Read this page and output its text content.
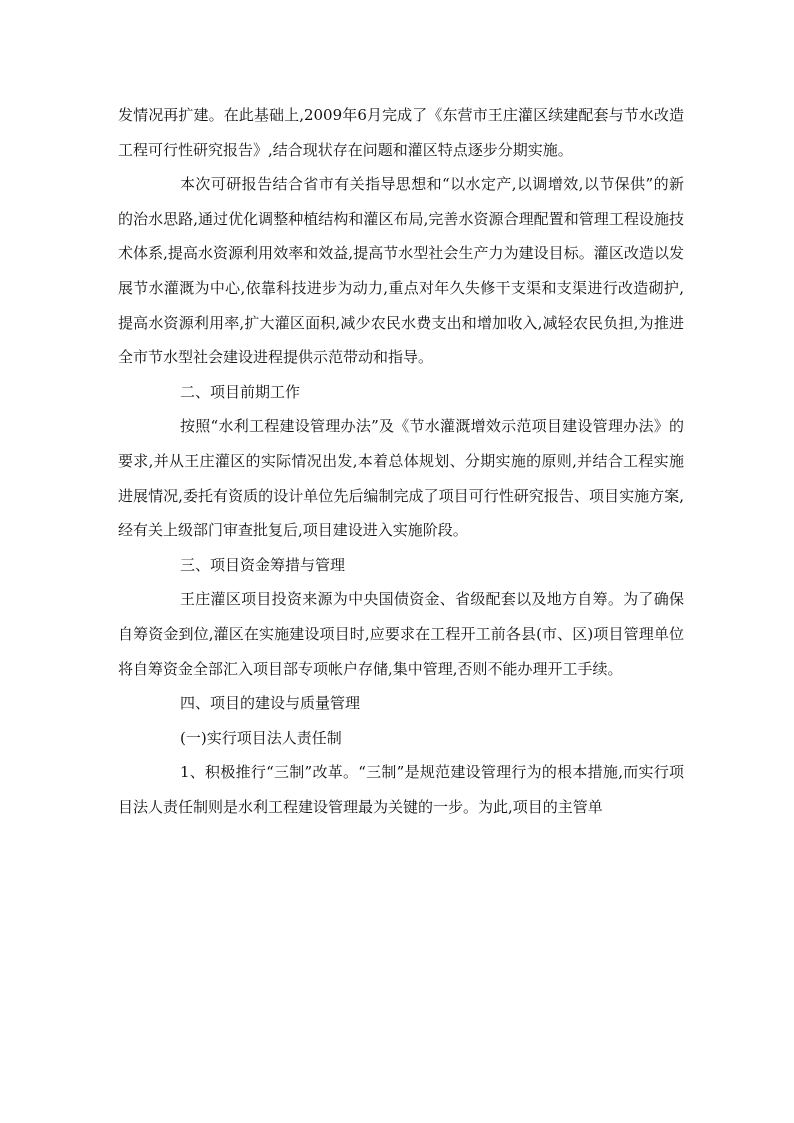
发情况再扩建。在此基础上,2009年6月完成了《东营市王庄灌区续建配套与节水改造工程可行性研究报告》,结合现状存在问题和灌区特点逐步分期实施。

本次可研报告结合省市有关指导思想和“以水定产,以调增效,以节保供”的新的治水思路,通过优化调整种植结构和灌区布局,完善水资源合理配置和管理工程设施技术体系,提高水资源利用效率和效益,提高节水型社会生产力为建设目标。灌区改造以发展节水灌溉为中心,依靠科技进步为动力,重点对年久失修干支渠和支渠进行改造砌护,提高水资源利用率,扩大灌区面积,减少农民水费支出和增加收入,减轻农民负担,为推进全市节水型社会建设进程提供示范带动和指导。

二、项目前期工作

按照“水利工程建设管理办法”及《节水灌溉增效示范项目建设管理办法》的要求,并从王庄灌区的实际情况出发,本着总体规划、分期实施的原则,并结合工程实施进展情况,委托有资质的设计单位先后编制完成了项目可行性研究报告、项目实施方案,经有关上级部门审查批复后,项目建设进入实施阶段。

三、项目资金筹措与管理

王庄灌区项目投资来源为中央国债资金、省级配套以及地方自筹。为了确保自筹资金到位,灌区在实施建设项目时,应要求在工程开工前各县(市、区)项目管理单位将自筹资金全部汇入项目部专项帐户存储,集中管理,否则不能办理开工手续。

四、项目的建设与质量管理

(一)实行项目法人责任制

1、积极推行“三制”改革。“三制”是规范建设管理行为的根本措施,而实行项目法人责任制则是水利工程建设管理最为关键的一步。为此,项目的主管单
